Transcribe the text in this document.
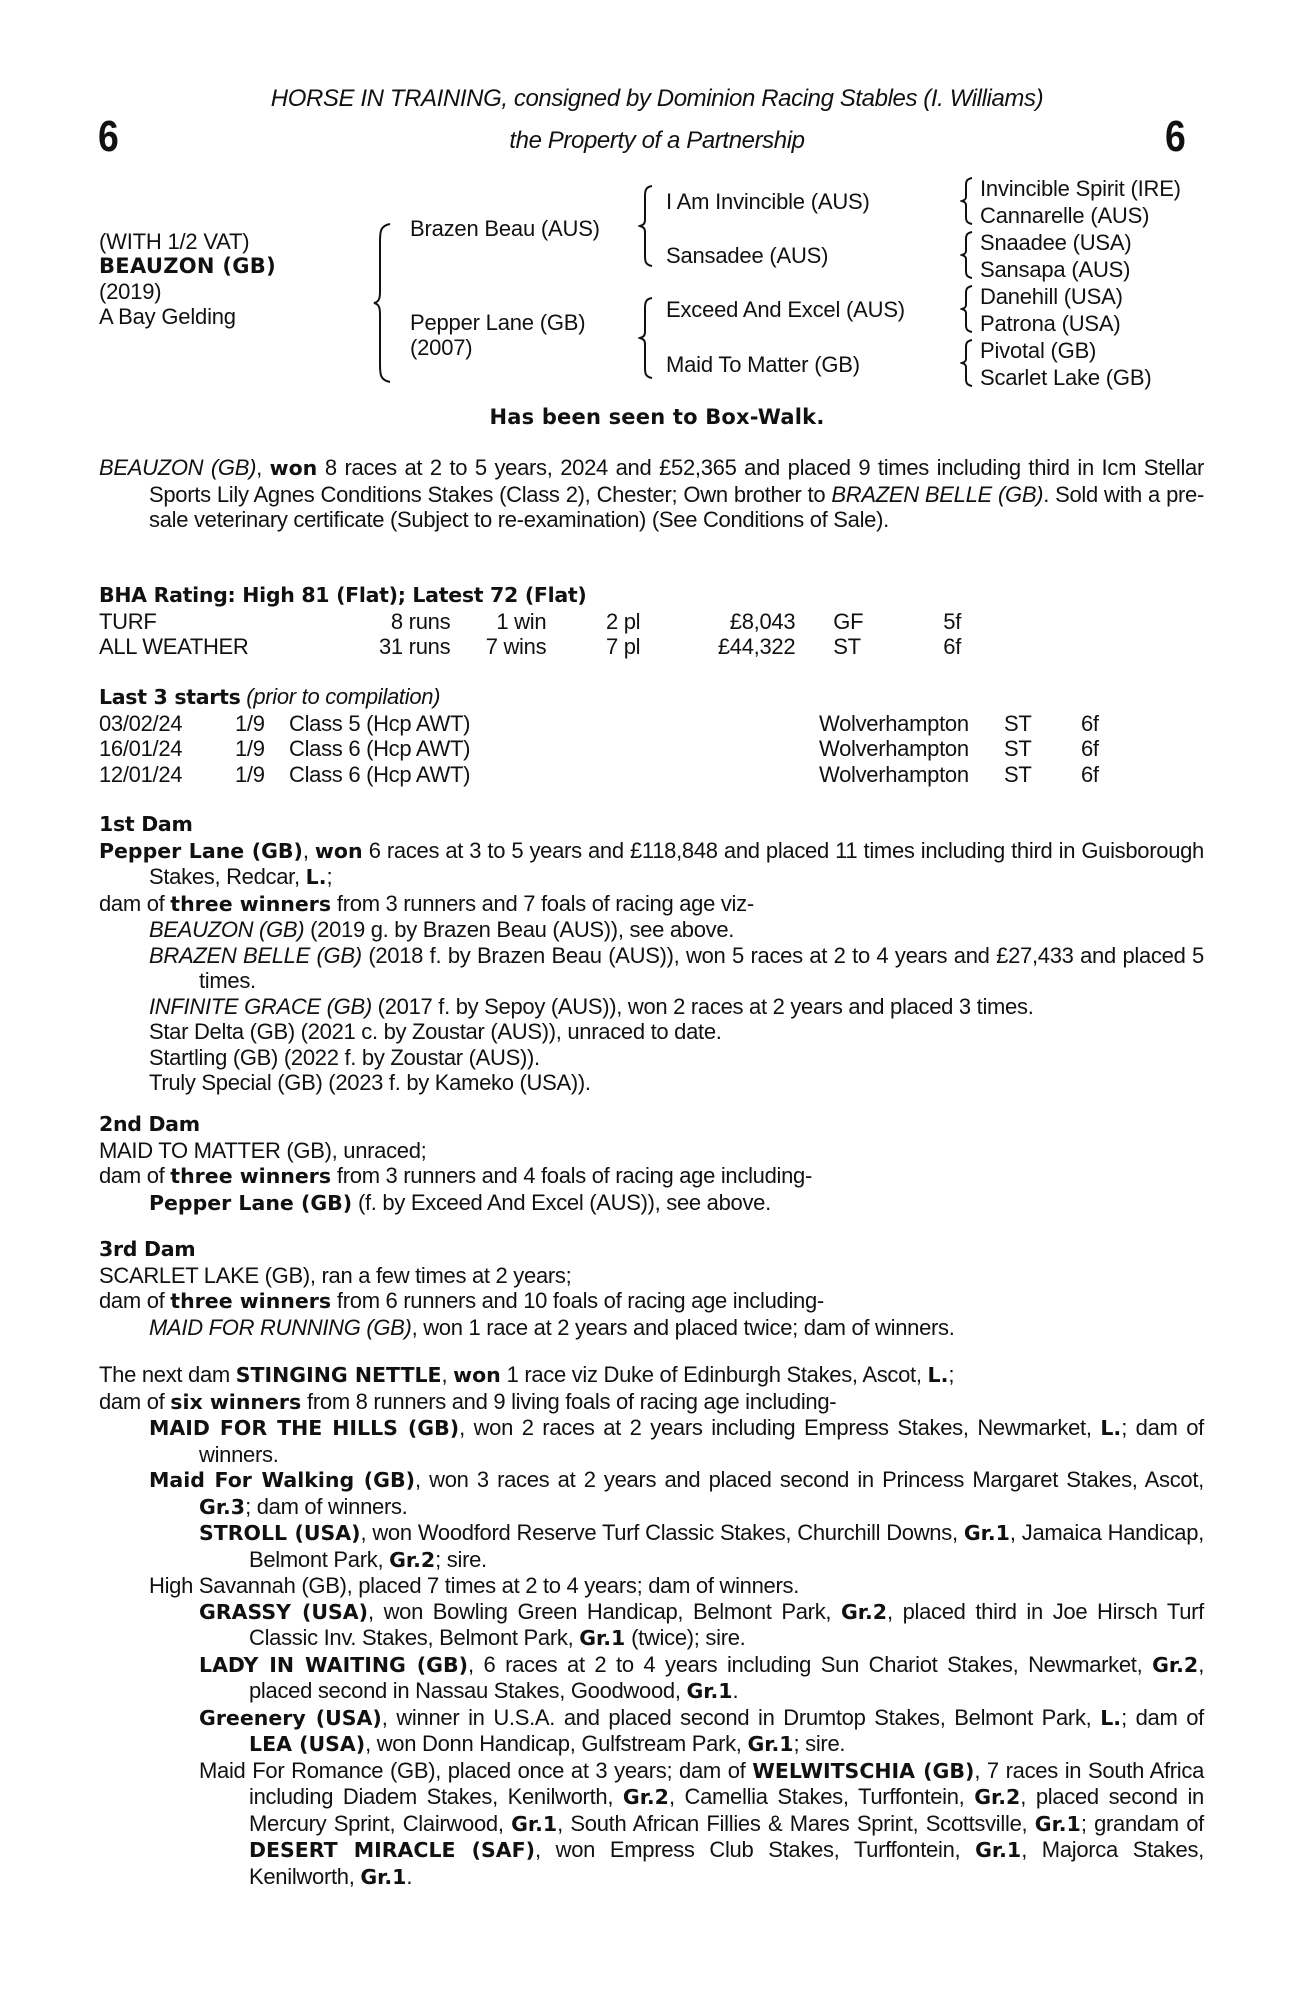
6	6
HORSE IN TRAINING, consigned by Dominion Racing Stables (I. Williams)
the Property of a Partnership
(WITH 1/2 VAT)
BEAUZON (GB)
(2019)
A Bay Gelding
Brazen Beau (AUS)
Pepper Lane (GB)
(2007)
I Am Invincible (AUS)
Sansadee (AUS)
Exceed And Excel (AUS)
Maid To Matter (GB)
Invincible Spirit (IRE)
Cannarelle (AUS)
Snaadee (USA)
Sansapa (AUS)
Danehill (USA)
Patrona (USA)
Pivotal (GB)
Scarlet Lake (GB)
Has been seen to Box-Walk.

BEAUZON (GB), won 8 races at 2 to 5 years, 2024 and £52,365 and placed 9 times including third in Icm Stellar Sports Lily Agnes Conditions Stakes (Class 2), Chester; Own brother to BRAZEN BELLE (GB). Sold with a pre-sale veterinary certificate (Subject to re-examination) (See Conditions of Sale).

BHA Rating: High 81 (Flat); Latest 72 (Flat)
TURF	8 runs	1 win	2 pl	£8,043	GF	5f
ALL WEATHER	31 runs	7 wins	7 pl	£44,322	ST	6f
Last 3 starts (prior to compilation)
03/02/24	1/9	Class 5 (Hcp AWT)	Wolverhampton	ST	6f
16/01/24	1/9	Class 6 (Hcp AWT)	Wolverhampton	ST	6f
12/01/24	1/9	Class 6 (Hcp AWT)	Wolverhampton	ST	6f
1st Dam

Pepper Lane (GB), won 6 races at 3 to 5 years and £118,848 and placed 11 times including third in Guisborough Stakes, Redcar, L.;

dam of three winners from 3 runners and 7 foals of racing age viz-

BEAUZON (GB) (2019 g. by Brazen Beau (AUS)), see above.

BRAZEN BELLE (GB) (2018 f. by Brazen Beau (AUS)), won 5 races at 2 to 4 years and £27,433 and placed 5 times.

INFINITE GRACE (GB) (2017 f. by Sepoy (AUS)), won 2 races at 2 years and placed 3 times.

Star Delta (GB) (2021 c. by Zoustar (AUS)), unraced to date.

Startling (GB) (2022 f. by Zoustar (AUS)).

Truly Special (GB) (2023 f. by Kameko (USA)).

2nd Dam

MAID TO MATTER (GB), unraced;

dam of three winners from 3 runners and 4 foals of racing age including-

Pepper Lane (GB) (f. by Exceed And Excel (AUS)), see above.

3rd Dam

SCARLET LAKE (GB), ran a few times at 2 years;

dam of three winners from 6 runners and 10 foals of racing age including-

MAID FOR RUNNING (GB), won 1 race at 2 years and placed twice; dam of winners.

The next dam STINGING NETTLE, won 1 race viz Duke of Edinburgh Stakes, Ascot, L.;

dam of six winners from 8 runners and 9 living foals of racing age including-

MAID FOR THE HILLS (GB), won 2 races at 2 years including Empress Stakes, Newmarket, L.; dam of winners.

Maid For Walking (GB), won 3 races at 2 years and placed second in Princess Margaret Stakes, Ascot, Gr.3; dam of winners.

STROLL (USA), won Woodford Reserve Turf Classic Stakes, Churchill Downs, Gr.1, Jamaica Handicap, Belmont Park, Gr.2; sire.

High Savannah (GB), placed 7 times at 2 to 4 years; dam of winners.

GRASSY (USA), won Bowling Green Handicap, Belmont Park, Gr.2, placed third in Joe Hirsch Turf Classic Inv. Stakes, Belmont Park, Gr.1 (twice); sire.

LADY IN WAITING (GB), 6 races at 2 to 4 years including Sun Chariot Stakes, Newmarket, Gr.2, placed second in Nassau Stakes, Goodwood, Gr.1.

Greenery (USA), winner in U.S.A. and placed second in Drumtop Stakes, Belmont Park, L.; dam of LEA (USA), won Donn Handicap, Gulfstream Park, Gr.1; sire.

Maid For Romance (GB), placed once at 3 years; dam of WELWITSCHIA (GB), 7 races in South Africa including Diadem Stakes, Kenilworth, Gr.2, Camellia Stakes, Turffontein, Gr.2, placed second in Mercury Sprint, Clairwood, Gr.1, South African Fillies & Mares Sprint, Scottsville, Gr.1; grandam of DESERT MIRACLE (SAF), won Empress Club Stakes, Turffontein, Gr.1, Majorca Stakes, Kenilworth, Gr.1.
